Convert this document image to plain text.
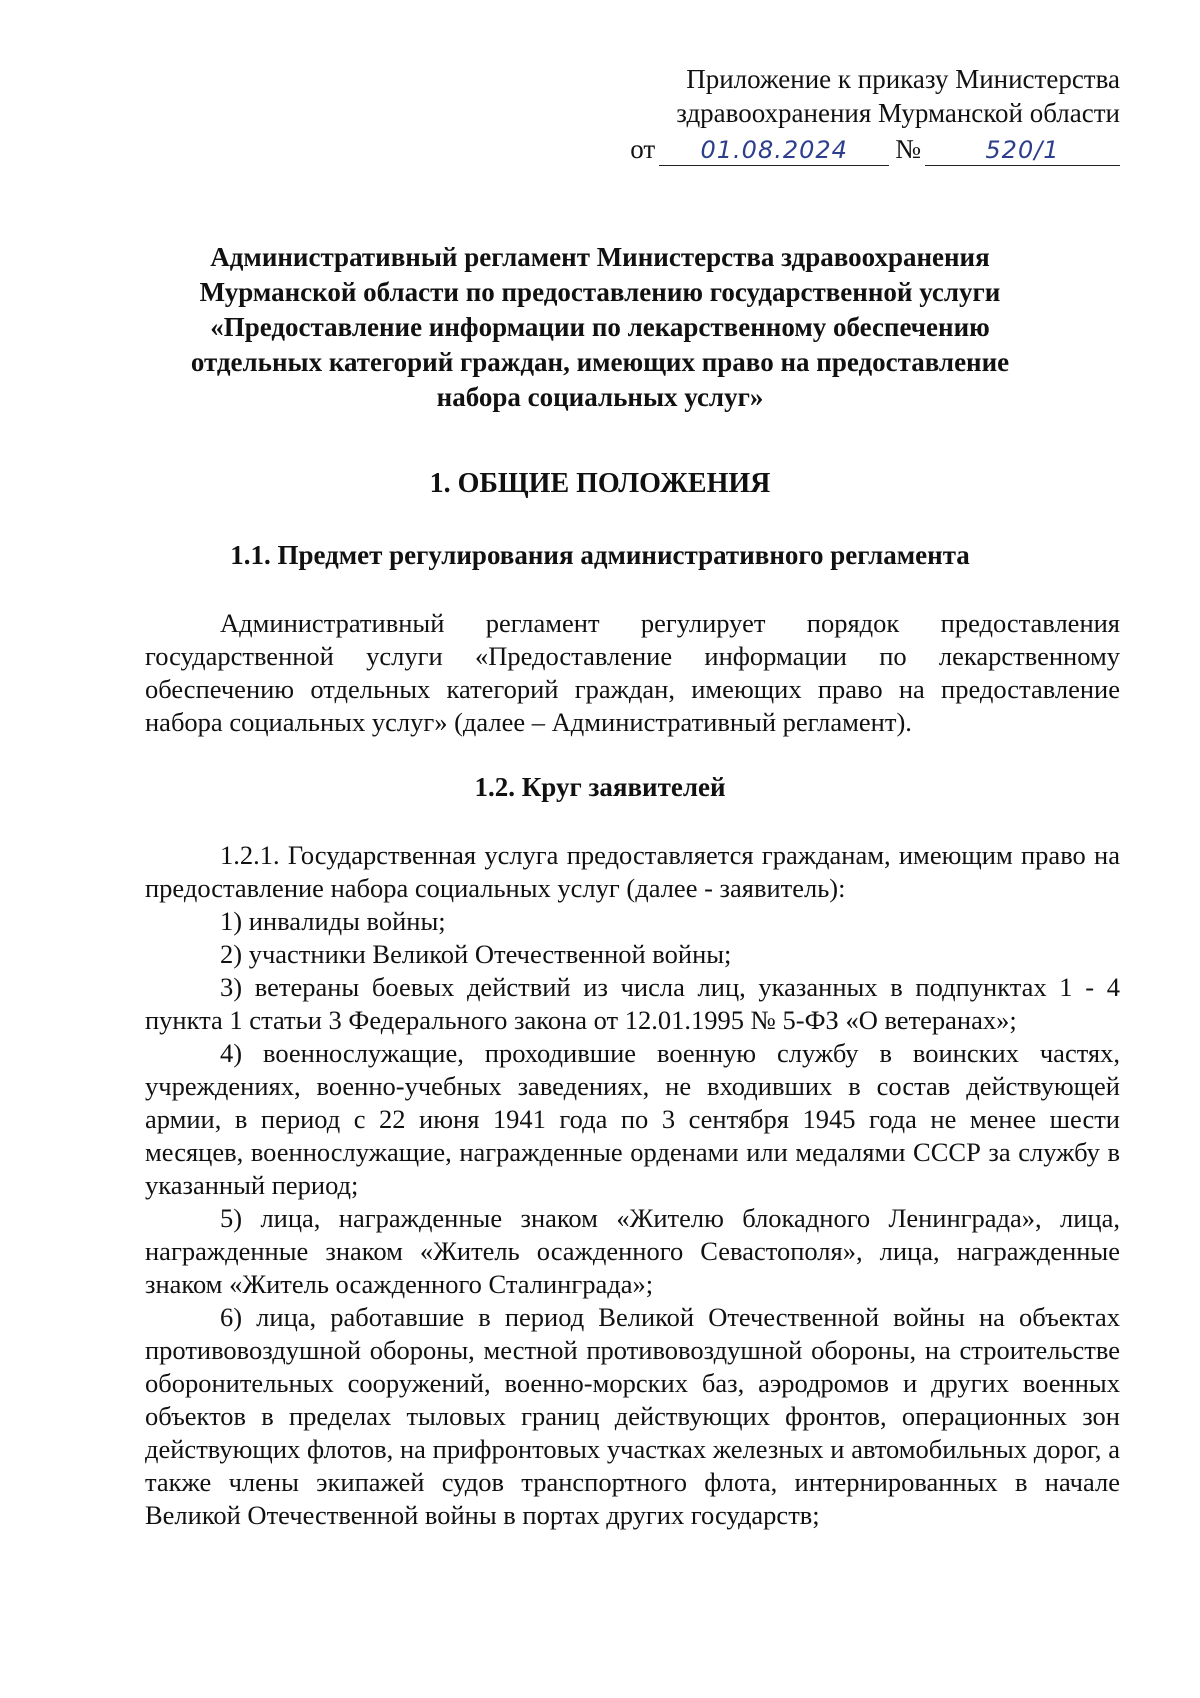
Приложение к приказу Министерства
здравоохранения Мурманской области
от	01.08.2024	№	520/1
Административный регламент Министерства здравоохранения
Мурманской области по предоставлению государственной услуги
«Предоставление информации по лекарственному обеспечению
отдельных категорий граждан, имеющих право на предоставление
набора социальных услуг»
1. ОБЩИЕ ПОЛОЖЕНИЯ
1.1. Предмет регулирования административного регламента
Административный регламент регулирует порядок предоставления государственной услуги «Предоставление информации по лекарственному обеспечению отдельных категорий граждан, имеющих право на предоставление набора социальных услуг» (далее – Административный регламент).
1.2. Круг заявителей
1.2.1. Государственная услуга предоставляется гражданам, имеющим право на предоставление набора социальных услуг (далее - заявитель):
1) инвалиды войны;
2) участники Великой Отечественной войны;
3) ветераны боевых действий из числа лиц, указанных в подпунктах 1 - 4 пункта 1 статьи 3 Федерального закона от 12.01.1995 № 5-ФЗ «О ветеранах»;
4) военнослужащие, проходившие военную службу в воинских частях, учреждениях, военно-учебных заведениях, не входивших в состав действующей армии, в период с 22 июня 1941 года по 3 сентября 1945 года не менее шести месяцев, военнослужащие, награжденные орденами или медалями СССР за службу в указанный период;
5) лица, награжденные знаком «Жителю блокадного Ленинграда», лица, награжденные знаком «Житель осажденного Севастополя», лица, награжденные знаком «Житель осажденного Сталинграда»;
6) лица, работавшие в период Великой Отечественной войны на объектах противовоздушной обороны, местной противовоздушной обороны, на строительстве оборонительных сооружений, военно-морских баз, аэродромов и других военных объектов в пределах тыловых границ действующих фронтов, операционных зон действующих флотов, на прифронтовых участках железных и автомобильных дорог, а также члены экипажей судов транспортного флота, интернированных в начале Великой Отечественной войны в портах других государств;
